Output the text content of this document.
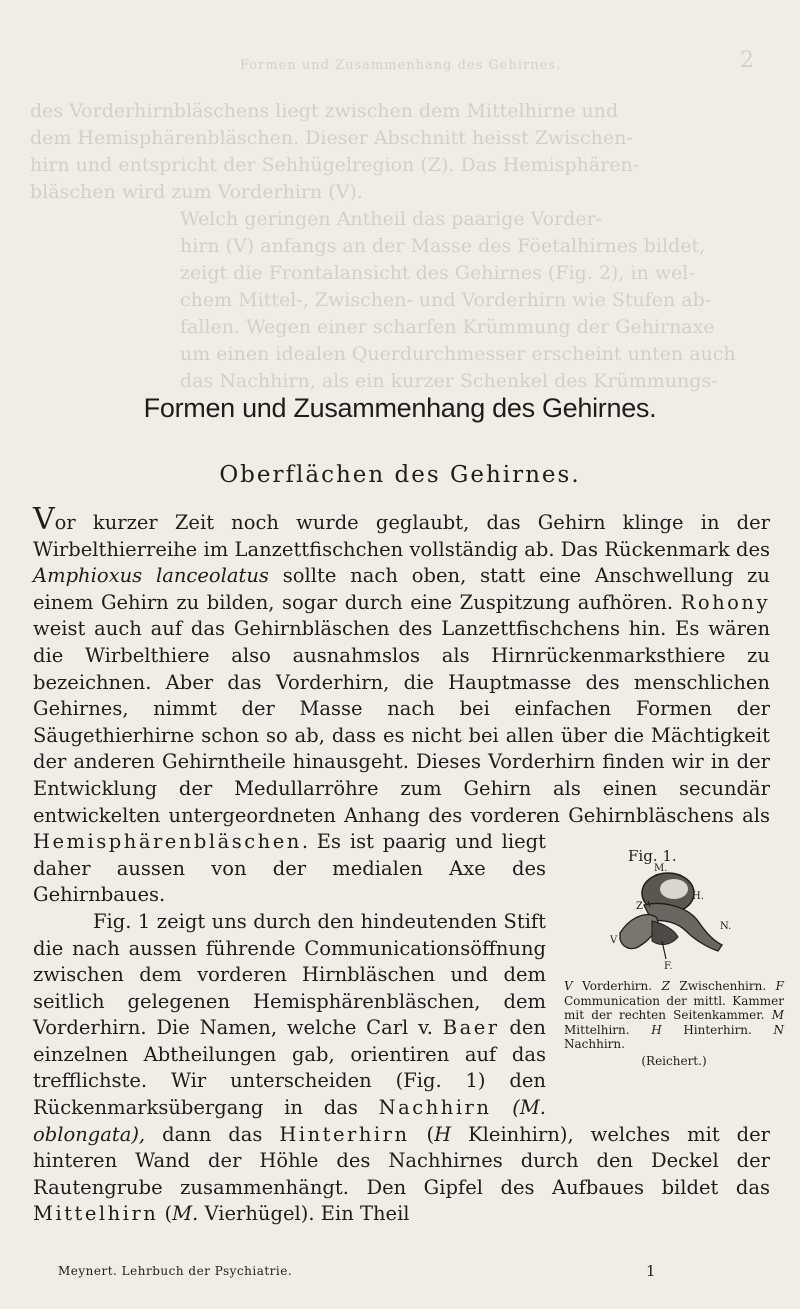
Formen und Zusammenhang des Gehirnes.	2
des Vorderhirnbläschens liegt zwischen dem Mittelhirne und
dem Hemisphärenbläschen. Dieser Abschnitt heisst Zwischen-
hirn und entspricht der Sehhügelregion (Z). Das Hemisphären-
bläschen wird zum Vorderhirn (V).
Welch geringen Antheil das paarige Vorder-
hirn (V) anfangs an der Masse des Föetalhirnes bildet,
zeigt die Frontalansicht des Gehirnes (Fig. 2), in wel-
chem Mittel-, Zwischen- und Vorderhirn wie Stufen ab-
fallen. Wegen einer scharfen Krümmung der Gehirnaxe
um einen idealen Querdurchmesser erscheint unten auch
das Nachhirn, als ein kurzer Schenkel des Krümmungs-
Formen und Zusammenhang des Gehirnes.
Oberflächen des Gehirnes.

Vor kurzer Zeit noch wurde geglaubt, das Gehirn klinge in der Wirbelthierreihe im Lanzettfischchen vollständig ab. Das Rückenmark des Amphioxus lanceolatus sollte nach oben, statt eine Anschwellung zu einem Gehirn zu bilden, sogar durch eine Zuspitzung aufhören. Rohony weist auch auf das Gehirnbläschen des Lanzettfischchens hin. Es wären die Wirbelthiere also ausnahmslos als Hirnrückenmarksthiere zu bezeichnen. Aber das Vorderhirn, die Hauptmasse des menschlichen Gehirnes, nimmt der Masse nach bei einfachen Formen der Säugethierhirne schon so ab, dass es nicht bei allen über die Mächtigkeit der anderen Gehirntheile hinausgeht. Dieses Vorderhirn finden wir in der Entwicklung der Medullarröhre zum Gehirn als einen secundär entwickelten untergeordneten Anhang des vorderen Gehirnbläschens als
Fig. 1.
M.
H.
Z
N.
V
F.
V Vorderhirn. Z Zwischenhirn. F Communication der mittl. Kammer mit der rechten Seitenkammer. M Mittelhirn. H Hinterhirn. N Nachhirn.
(Reichert.)
Hemisphärenbläschen. Es ist paarig und liegt daher aussen von der medialen Axe des Gehirnbaues.

Fig. 1 zeigt uns durch den hindeutenden Stift die nach aussen führende Communicationsöffnung zwischen dem vorderen Hirnbläschen und dem seitlich gelegenen Hemisphärenbläschen, dem Vorderhirn. Die Namen, welche Carl v. Baer den einzelnen Abtheilungen gab, orientiren auf das trefflichste. Wir unterscheiden (Fig. 1) den Rückenmarksübergang in das Nachhirn (M. oblongata), dann das Hinterhirn (H Kleinhirn), welches mit der hinteren Wand der Höhle des Nachhirnes durch den Deckel der Rautengrube zusammenhängt. Den Gipfel des Aufbaues bildet das Mittelhirn (M. Vierhügel). Ein Theil

Meynert. Lehrbuch der Psychiatrie.	1
